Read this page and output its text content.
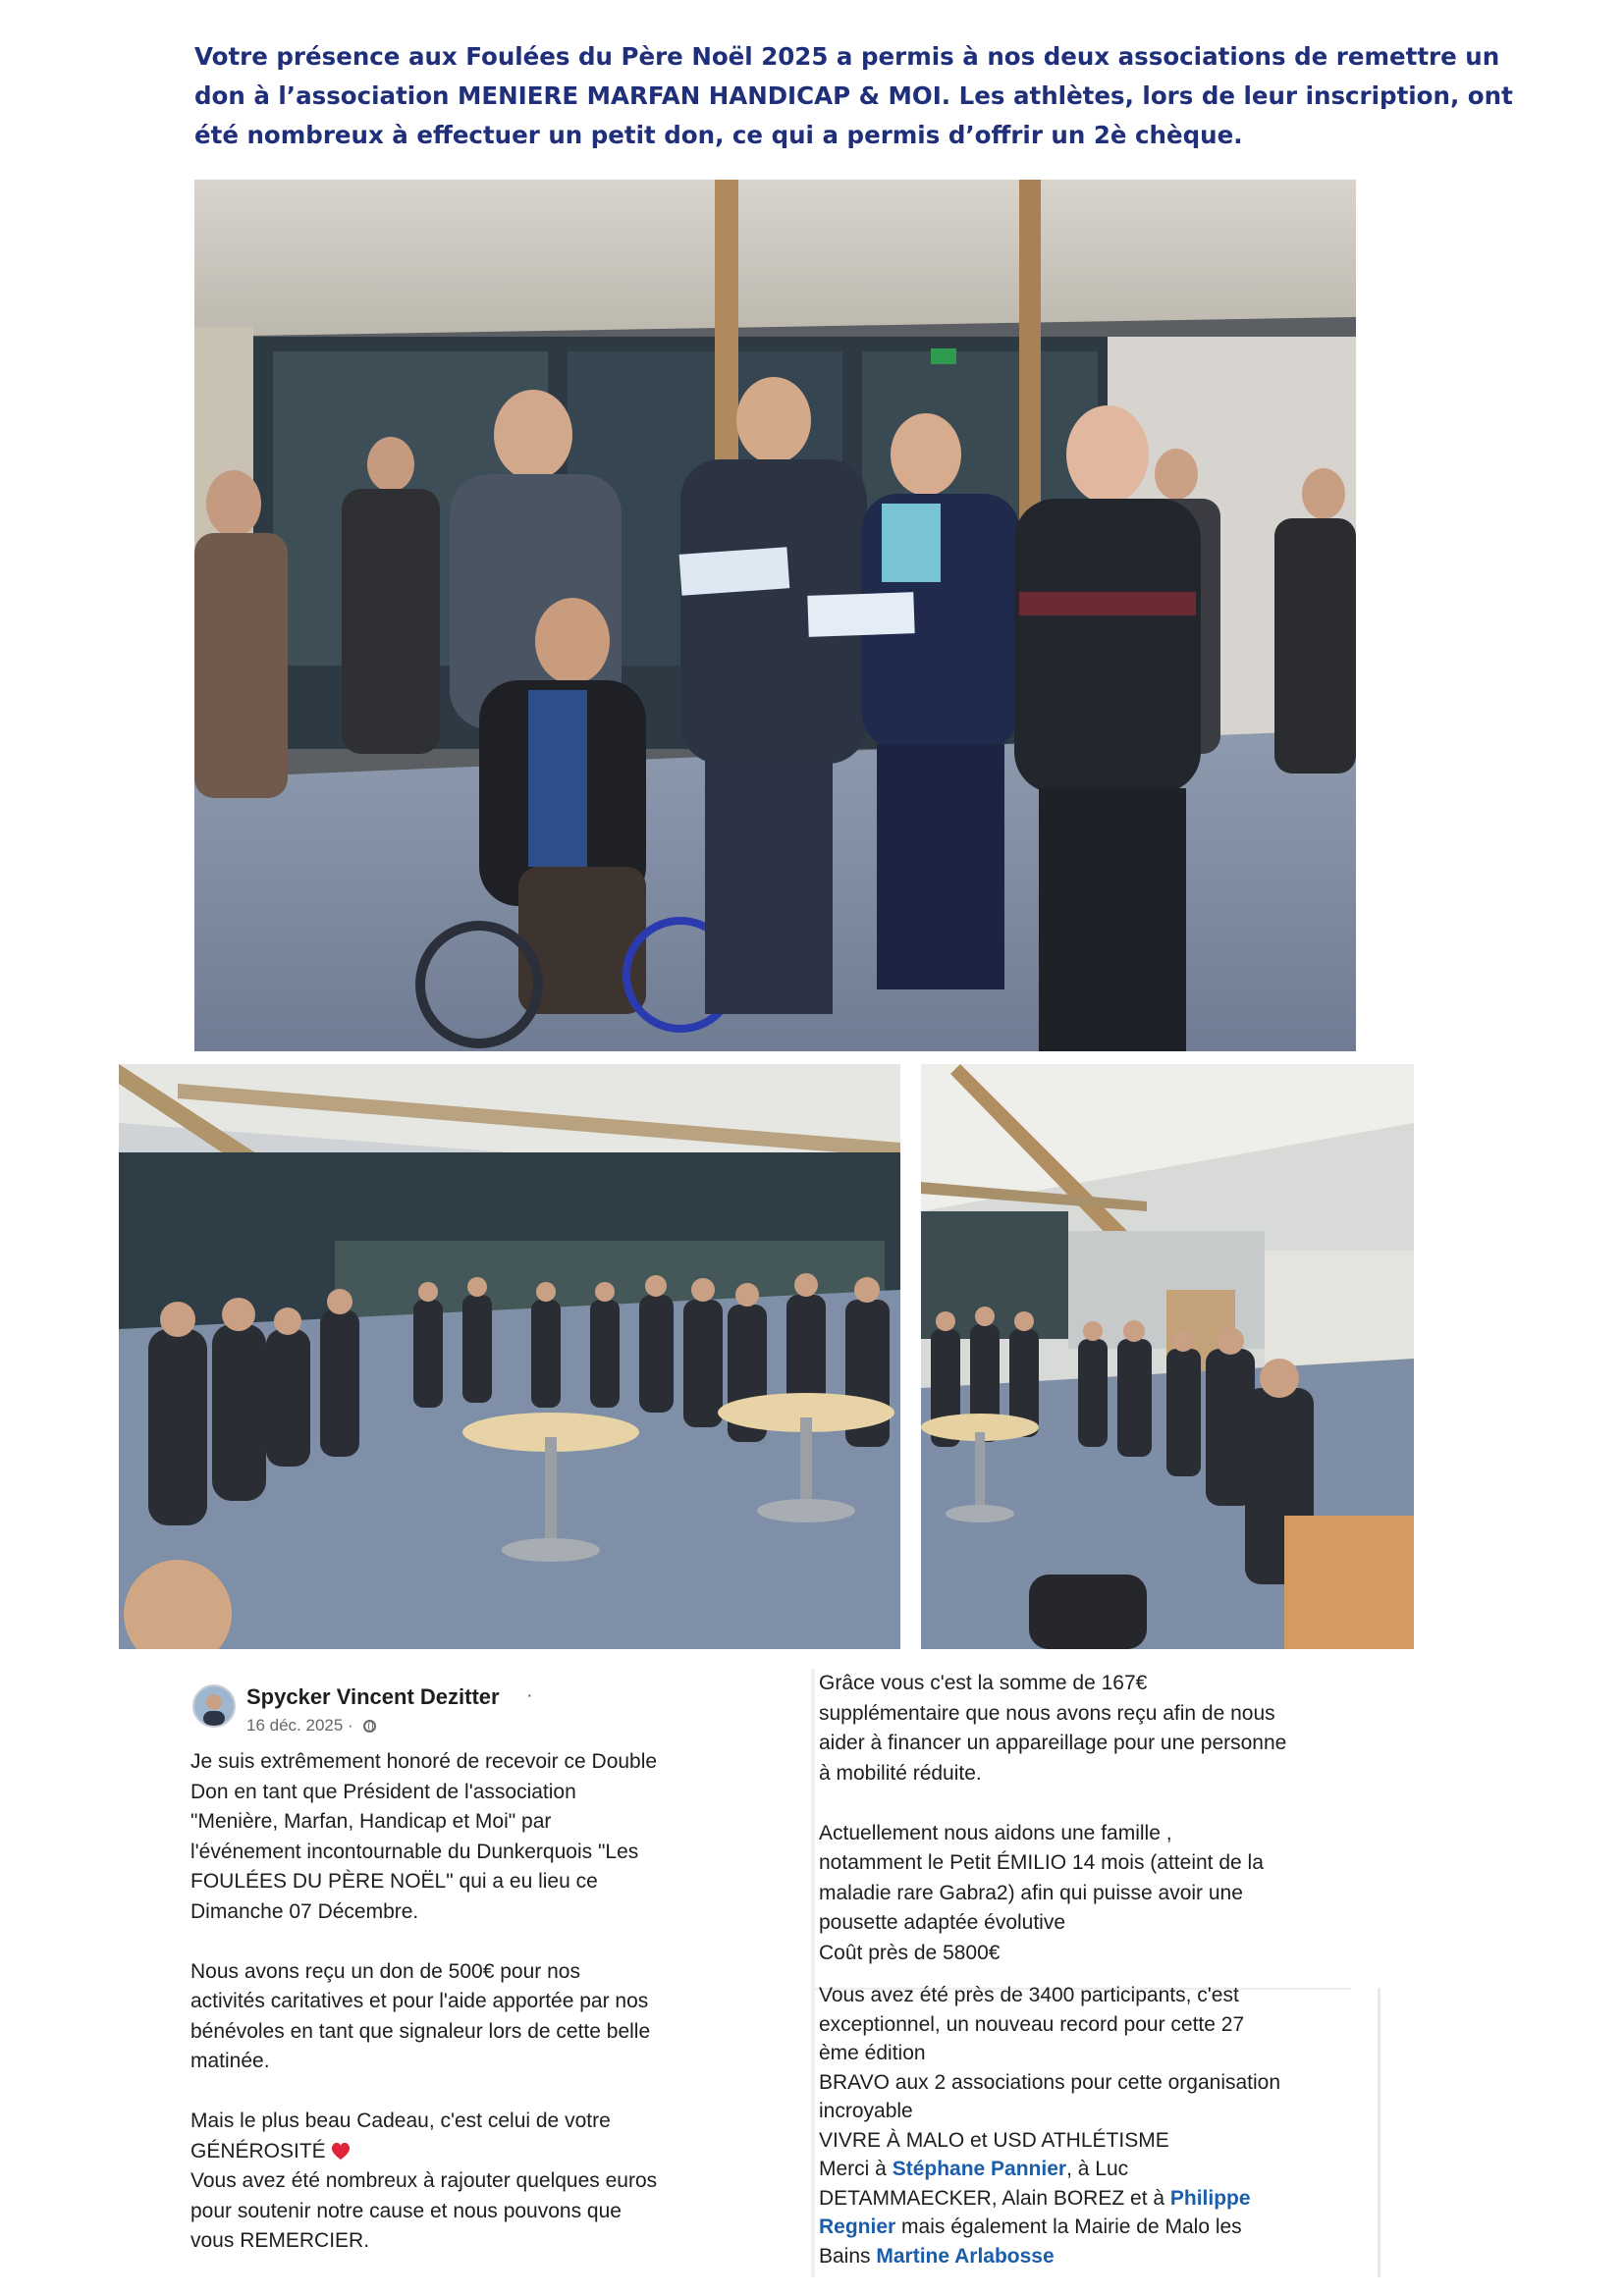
Votre présence aux Foulées du Père Noël 2025 a permis à nos deux associations de remettre un
don à l’association MENIERE MARFAN HANDICAP & MOI. Les athlètes, lors de leur inscription, ont
été nombreux à effectuer un petit don, ce qui a permis d’offrir un 2è chèque.
Spycker Vincent Dezitter ·
16 déc. 2025 ·

Je suis extrêmement honoré de recevoir ce Double

Don en tant que Président de l'association

"Menière, Marfan, Handicap et Moi" par

l'événement incontournable du Dunkerquois "Les

FOULÉES DU PÈRE NOËL" qui a eu lieu ce

Dimanche 07 Décembre.

Nous avons reçu un don de 500€ pour nos

activités caritatives et pour l'aide apportée par nos

bénévoles en tant que signaleur lors de cette belle

matinée.

Mais le plus beau Cadeau, c'est celui de votre

GÉNÉROSITÉ

Vous avez été nombreux à rajouter quelques euros

pour soutenir notre cause et nous pouvons que

vous REMERCIER.

Grâce vous c'est la somme de 167€

supplémentaire que nous avons reçu afin de nous

aider à financer un appareillage pour une personne

à mobilité réduite.

Actuellement nous aidons une famille ,

notamment le Petit ÉMILIO 14 mois (atteint de la

maladie rare Gabra2) afin qui puisse avoir une

pousette adaptée évolutive

Coût près de 5800€

Vous avez été près de 3400 participants, c'est

exceptionnel, un nouveau record pour cette 27

ème édition

BRAVO aux 2 associations pour cette organisation

incroyable

VIVRE À MALO et USD ATHLÉTISME

Merci à Stéphane Pannier, à Luc

DETAMMAECKER, Alain BOREZ et à Philippe

Regnier mais également la Mairie de Malo les

Bains Martine Arlabosse
